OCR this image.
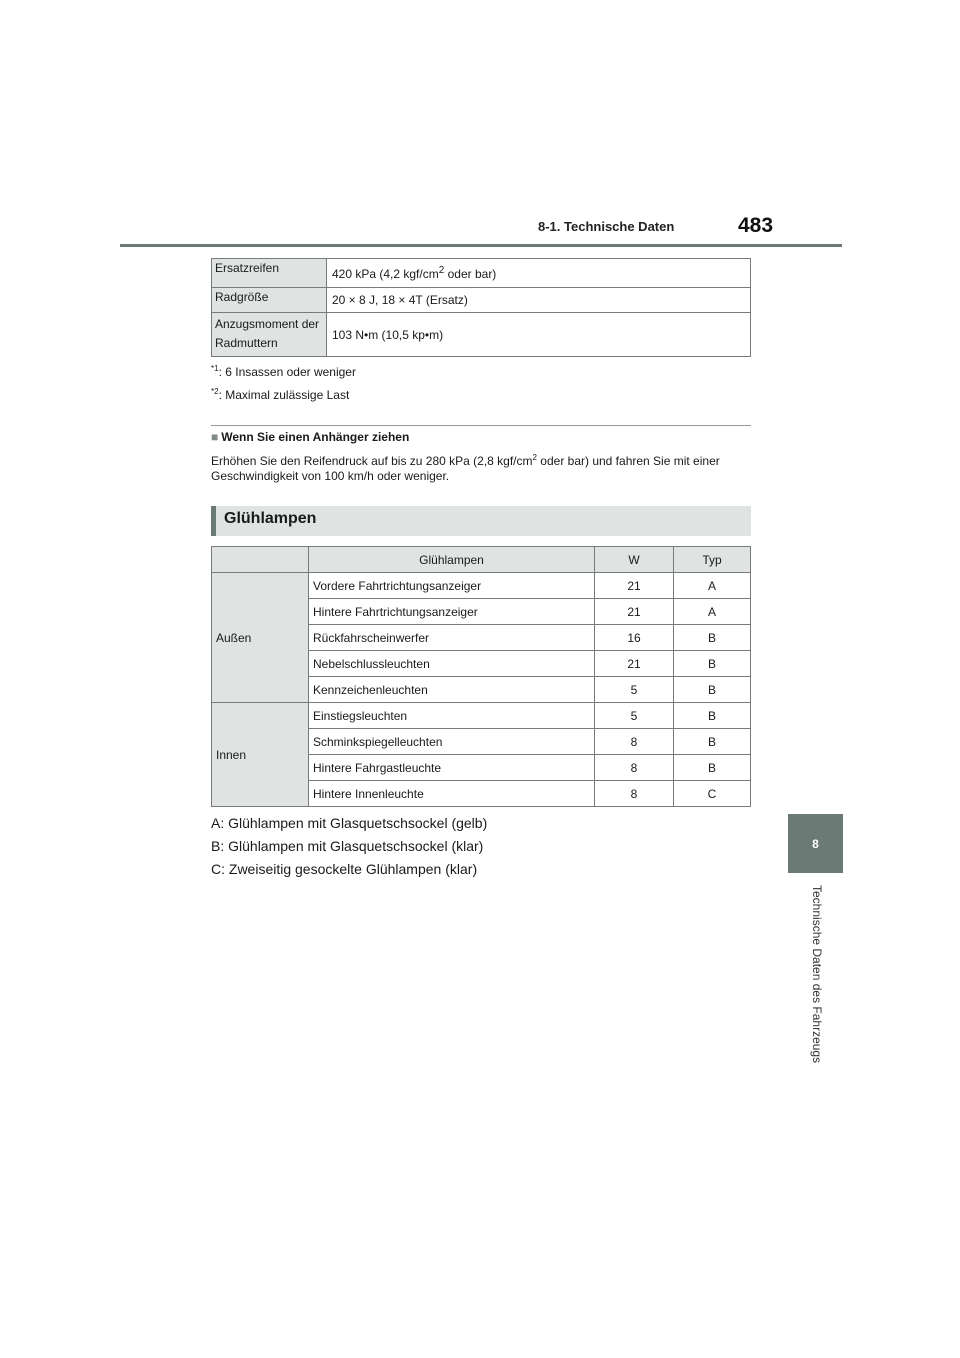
8-1. Technische Daten	483
8
Technische Daten des Fahrzeugs
Ersatzreifen	420 kPa (4,2 kgf/$cm^2$ oder bar)
Radgröße	20 × 8 J, 18 × 4T (Ersatz)
Anzugsmoment der
Radmuttern	103 N•m (10,5 kp•m)
$^{*1}$: 6 Insassen oder weniger
$^{*2}$: Maximal zulässige Last
■ Wenn Sie einen Anhänger ziehen
Erhöhen Sie den Reifendruck auf bis zu 280 kPa (2,8 kgf/$cm^2$ oder bar) und fahren Sie mit einer Geschwindigkeit von 100 km/h oder weniger.
Glühlampen
	Glühlampen	W	Typ
Außen	Vordere Fahrtrichtungsanzeiger	21	A
	Hintere Fahrtrichtungsanzeiger	21	A
	Rückfahrscheinwerfer	16	B
	Nebelschlussleuchten	21	B
	Kennzeichenleuchten	5	B
Innen	Einstiegsleuchten	5	B
	Schminkspiegelleuchten	8	B
	Hintere Fahrgastleuchte	8	B
	Hintere Innenleuchte	8	C
A: Glühlampen mit Glasquetschsockel (gelb)
B: Glühlampen mit Glasquetschsockel (klar)
C: Zweiseitig gesockelte Glühlampen (klar)
